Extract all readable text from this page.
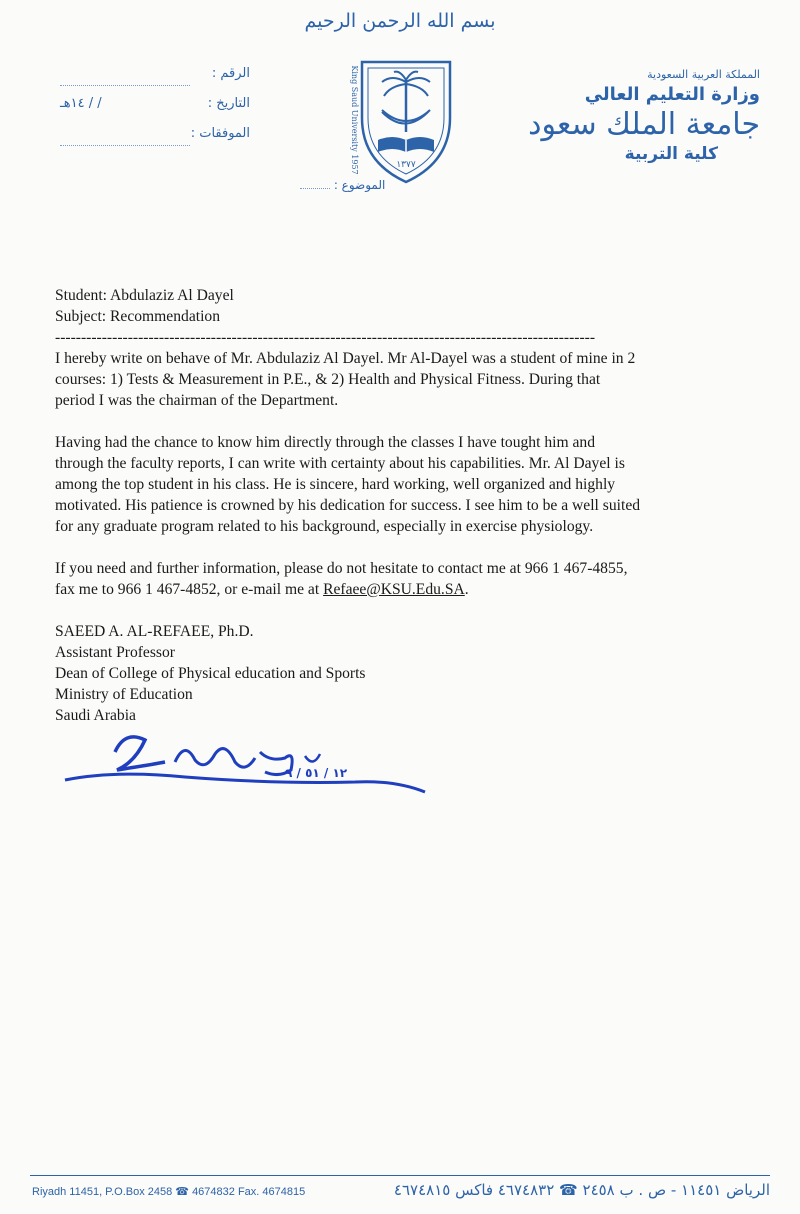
بسم الله الرحمن الرحيم
المملكة العربية السعودية
وزارة التعليم العالي
جامعة الملك سعود
كلية التربية
الرقم :
التاريخ :
/ / ١٤هـ
الموفقات :
الموضوع :
١٣٧٧
King Saud University 1957

Student: Abdulaziz Al Dayel

Subject: Recommendation

--------------------------------------------------------------------------------------------------------

I hereby write on behave of Mr. Abdulaziz Al Dayel. Mr Al-Dayel was a student of mine in 2

courses: 1) Tests & Measurement in P.E., & 2) Health and Physical Fitness. During that

period I was the chairman of the Department.

Having had the chance to know him directly through the classes I have tought him and

through the faculty reports, I can write with certainty about his capabilities. Mr. Al Dayel is

among the top student in his class. He is sincere, hard working, well organized and highly

motivated. His patience is crowned by his dedication for success. I see him to be a well suited

for any graduate program related to his background, especially in exercise physiology.

If you need and further information, please do not hesitate to contact me at 966 1 467-4855,

fax me to 966 1 467-4852, or e-mail me at Refaee@KSU.Edu.SA.

SAEED A. AL-REFAEE, Ph.D.

Assistant Professor

Dean of College of Physical education and Sports

Ministry of Education

Saudi Arabia

١٢ / ٥١ / ٩
Riyadh 11451, P.O.Box 2458 ☎ 4674832 Fax. 4674815	الرياض ١١٤٥١ - ص . ب ٢٤٥٨ ☎ ٤٦٧٤٨٣٢ فاكس ٤٦٧٤٨١٥
